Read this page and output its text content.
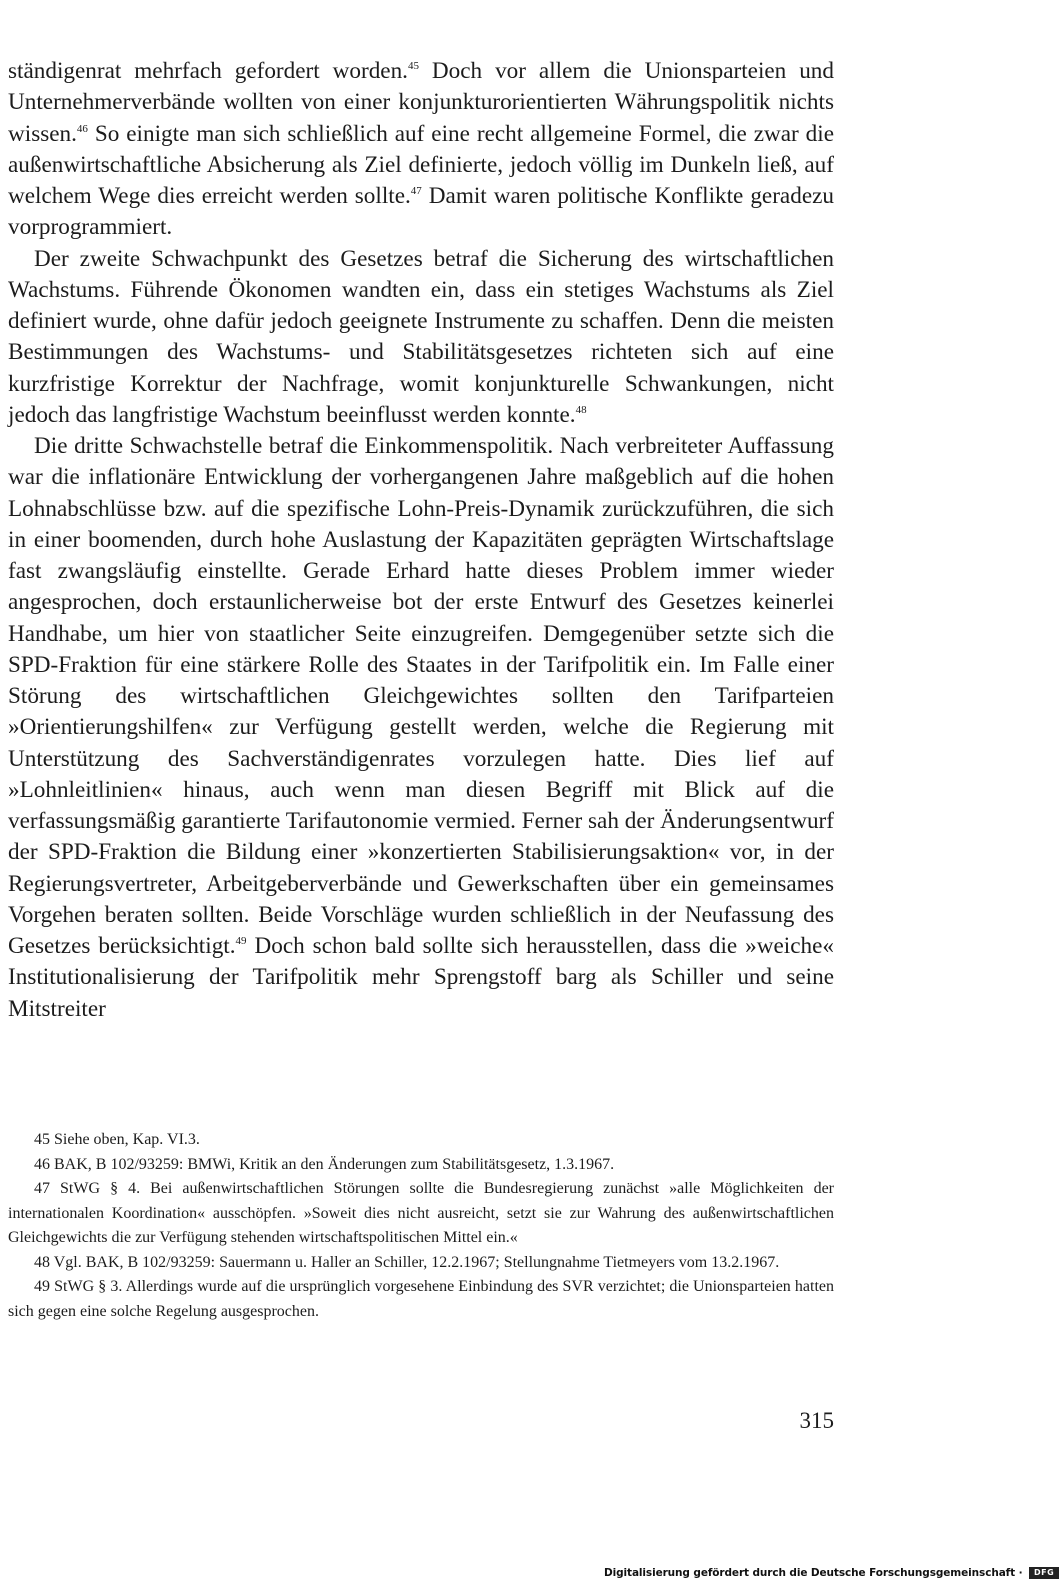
ständigenrat mehrfach gefordert worden.$^{45}$ Doch vor allem die Unionsparteien und Unternehmerverbände wollten von einer konjunkturorientierten Währungspolitik nichts wissen.$^{46}$ So einigte man sich schließlich auf eine recht allgemeine Formel, die zwar die außenwirtschaftliche Absicherung als Ziel definierte, jedoch völlig im Dunkeln ließ, auf welchem Wege dies erreicht werden sollte.$^{47}$ Damit waren politische Konflikte geradezu vorprogrammiert.

Der zweite Schwachpunkt des Gesetzes betraf die Sicherung des wirtschaftlichen Wachstums. Führende Ökonomen wandten ein, dass ein stetiges Wachstums als Ziel definiert wurde, ohne dafür jedoch geeignete Instrumente zu schaffen. Denn die meisten Bestimmungen des Wachstums- und Stabilitätsgesetzes richteten sich auf eine kurzfristige Korrektur der Nachfrage, womit konjunkturelle Schwankungen, nicht jedoch das langfristige Wachstum beeinflusst werden konnte.$^{48}$

Die dritte Schwachstelle betraf die Einkommenspolitik. Nach verbreiteter Auffassung war die inflationäre Entwicklung der vorhergangenen Jahre maßgeblich auf die hohen Lohnabschlüsse bzw. auf die spezifische Lohn-Preis-Dynamik zurückzuführen, die sich in einer boomenden, durch hohe Auslastung der Kapazitäten geprägten Wirtschaftslage fast zwangsläufig einstellte. Gerade Erhard hatte dieses Problem immer wieder angesprochen, doch erstaunlicherweise bot der erste Entwurf des Gesetzes keinerlei Handhabe, um hier von staatlicher Seite einzugreifen. Demgegenüber setzte sich die SPD-Fraktion für eine stärkere Rolle des Staates in der Tarifpolitik ein. Im Falle einer Störung des wirtschaftlichen Gleichgewichtes sollten den Tarifparteien »Orientierungshilfen« zur Verfügung gestellt werden, welche die Regierung mit Unterstützung des Sachverständigenrates vorzulegen hatte. Dies lief auf »Lohnleitlinien« hinaus, auch wenn man diesen Begriff mit Blick auf die verfassungsmäßig garantierte Tarifautonomie vermied. Ferner sah der Änderungsentwurf der SPD-Fraktion die Bildung einer »konzertierten Stabilisierungsaktion« vor, in der Regierungsvertreter, Arbeitgeberverbände und Gewerkschaften über ein gemeinsames Vorgehen beraten sollten. Beide Vorschläge wurden schließlich in der Neufassung des Gesetzes berücksichtigt.$^{49}$ Doch schon bald sollte sich herausstellen, dass die »weiche« Institutionalisierung der Tarifpolitik mehr Sprengstoff barg als Schiller und seine Mitstreiter

45 Siehe oben, Kap. VI.3.

46 BAK, B 102/93259: BMWi, Kritik an den Änderungen zum Stabilitätsgesetz, 1.3.1967.

47 StWG § 4. Bei außenwirtschaftlichen Störungen sollte die Bundesregierung zunächst »alle Möglichkeiten der internationalen Koordination« ausschöpfen. »Soweit dies nicht ausreicht, setzt sie zur Wahrung des außenwirtschaftlichen Gleichgewichts die zur Verfügung stehenden wirtschaftspolitischen Mittel ein.«

48 Vgl. BAK, B 102/93259: Sauermann u. Haller an Schiller, 12.2.1967; Stellungnahme Tietmeyers vom 13.2.1967.

49 StWG § 3. Allerdings wurde auf die ursprünglich vorgesehene Einbindung des SVR verzichtet; die Unionsparteien hatten sich gegen eine solche Regelung ausgesprochen.

315
Digitalisierung gefördert durch die Deutsche Forschungsgemeinschaft · DFG
